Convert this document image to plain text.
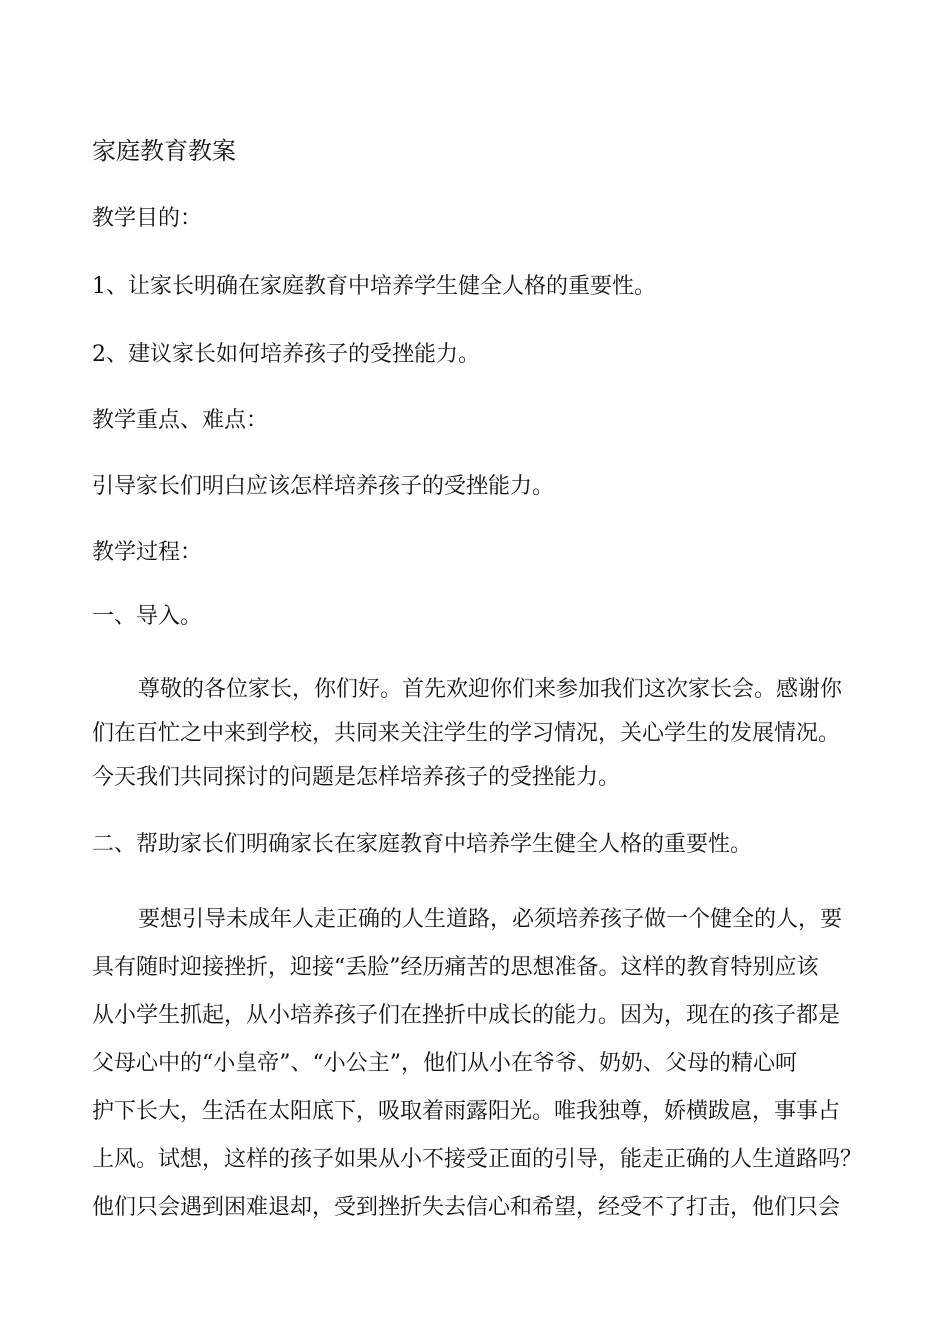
家庭教育教案
教学目的：
1、让家长明确在家庭教育中培养学生健全人格的重要性。
2、建议家长如何培养孩子的受挫能力。
教学重点、难点：
引导家长们明白应该怎样培养孩子的受挫能力。
教学过程：
一、导入。
尊敬的各位家长，你们好。首先欢迎你们来参加我们这次家长会。感谢你
们在百忙之中来到学校，共同来关注学生的学习情况，关心学生的发展情况。
今天我们共同探讨的问题是怎样培养孩子的受挫能力。
二、帮助家长们明确家长在家庭教育中培养学生健全人格的重要性。
要想引导未成年人走正确的人生道路，必须培养孩子做一个健全的人，要
具有随时迎接挫折，迎接“丢脸”经历痛苦的思想准备。这样的教育特别应该
从小学生抓起，从小培养孩子们在挫折中成长的能力。因为，现在的孩子都是
父母心中的“小皇帝”、“小公主”，他们从小在爷爷、奶奶、父母的精心呵
护下长大，生活在太阳底下，吸取着雨露阳光。唯我独尊，娇横跋扈，事事占
上风。试想，这样的孩子如果从小不接受正面的引导，能走正确的人生道路吗？
他们只会遇到困难退却，受到挫折失去信心和希望，经受不了打击，他们只会
